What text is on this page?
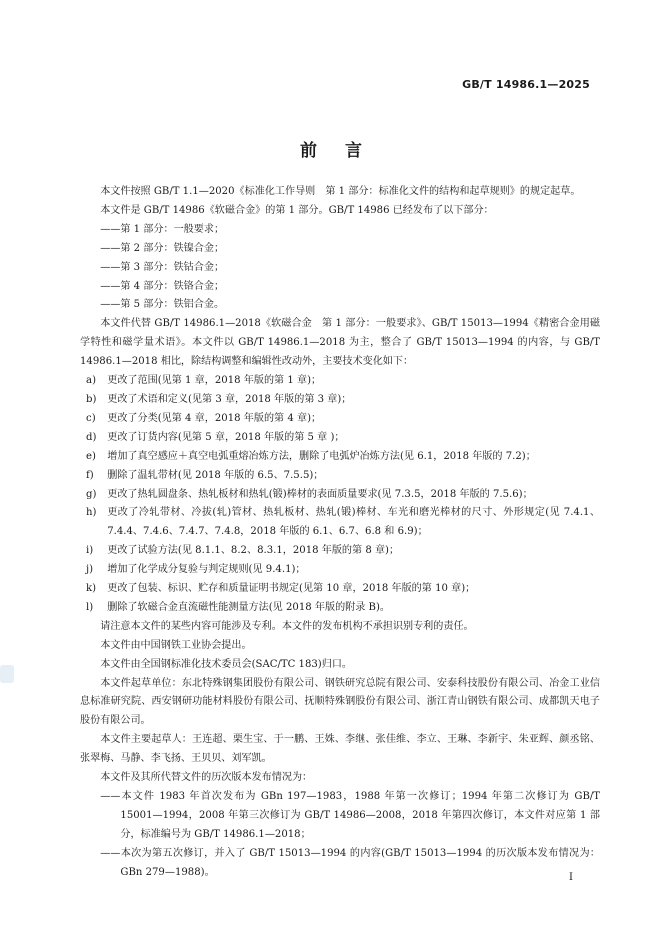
GB/T 14986.1—2025
前言

本文件按照 GB/T 1.1—2020《标准化工作导则　第 1 部分：标准化文件的结构和起草规则》的规定起草。

本文件是 GB/T 14986《软磁合金》的第 1 部分。GB/T 14986 已经发布了以下部分：

——第 1 部分：一般要求；

——第 2 部分：铁镍合金；

——第 3 部分：铁钴合金；

——第 4 部分：铁铬合金；

——第 5 部分：铁铝合金。

本文件代替 GB/T 14986.1—2018《软磁合金　第 1 部分：一般要求》、GB/T 15013—1994《精密合金用磁学特性和磁学量术语》。本文件以 GB/T 14986.1—2018 为主，整合了 GB/T 15013—1994 的内容，与 GB/T 14986.1—2018 相比，除结构调整和编辑性改动外，主要技术变化如下：

a)	更改了范围(见第 1 章，2018 年版的第 1 章)；
b)	更改了术语和定义(见第 3 章，2018 年版的第 3 章)；
c)	更改了分类(见第 4 章，2018 年版的第 4 章)；
d)	更改了订货内容(见第 5 章，2018 年版的第 5 章 )；
e)	增加了真空感应＋真空电弧重熔冶炼方法，删除了电弧炉冶炼方法(见 6.1，2018 年版的 7.2)；
f)	删除了温轧带材(见 2018 年版的 6.5、7.5.5)；
g)	更改了热轧圆盘条、热轧板材和热轧(锻)棒材的表面质量要求(见 7.3.5，2018 年版的 7.5.6)；
h)	更改了冷轧带材、冷拔(轧)管材、热轧板材、热轧(锻)棒材、车光和磨光棒材的尺寸、外形规定(见 7.4.1、7.4.4、7.4.6、7.4.7、7.4.8，2018 年版的 6.1、6.7、6.8 和 6.9)；
i)	更改了试验方法(见 8.1.1、8.2、8.3.1，2018 年版的第 8 章)；
j)	增加了化学成分复验与判定规则(见 9.4.1)；
k)	更改了包装、标识、贮存和质量证明书规定(见第 10 章，2018 年版的第 10 章)；
l)	删除了软磁合金直流磁性能测量方法(见 2018 年版的附录 B)。

请注意本文件的某些内容可能涉及专利。本文件的发布机构不承担识别专利的责任。

本文件由中国钢铁工业协会提出。

本文件由全国钢标准化技术委员会(SAC/TC 183)归口。

本文件起草单位：东北特殊钢集团股份有限公司、钢铁研究总院有限公司、安泰科技股份有限公司、冶金工业信息标准研究院、西安钢研功能材料股份有限公司、抚顺特殊钢股份有限公司、浙江青山钢铁有限公司、成都凯天电子股份有限公司。

本文件主要起草人：王连超、栗生宝、于一鹏、王姝、李继、张佳维、李立、王琳、李新宇、朱亚辉、颜丞铭、张翠梅、马静、李飞扬、王贝贝、刘军凯。

本文件及其所代替文件的历次版本发布情况为：

——本文件 1983 年首次发布为 GBn 197—1983，1988 年第一次修订；1994 年第二次修订为 GB/T 15001—1994，2008 年第三次修订为 GB/T 14986—2008，2018 年第四次修订，本文件对应第 1 部分，标准编号为 GB/T 14986.1—2018；

——本次为第五次修订，并入了 GB/T 15013—1994 的内容(GB/T 15013—1994 的历次版本发布情况为：GBn 279—1988)。	I
